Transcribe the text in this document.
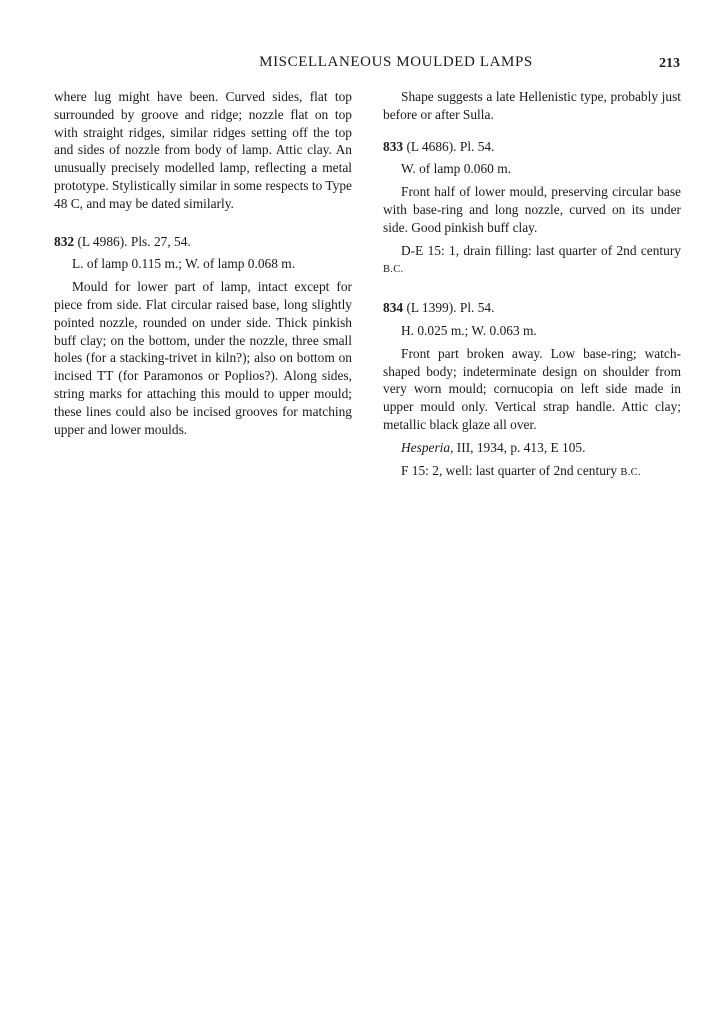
MISCELLANEOUS MOULDED LAMPS	213

where lug might have been. Curved sides, flat top surrounded by groove and ridge; nozzle flat on top with straight ridges, similar ridges setting off the top and sides of nozzle from body of lamp. Attic clay. An unusually precisely modelled lamp, reflecting a metal prototype. Stylistically similar in some respects to Type 48 C, and may be dated similarly.

832 (L 4986). Pls. 27, 54.

L. of lamp 0.115 m.; W. of lamp 0.068 m.

Mould for lower part of lamp, intact except for piece from side. Flat circular raised base, long slightly pointed nozzle, rounded on under side. Thick pinkish buff clay; on the bottom, under the nozzle, three small holes (for a stacking-trivet in kiln?); also on bottom on incised ΤΤ (for Paramonos or Poplios?). Along sides, string marks for attaching this mould to upper mould; these lines could also be incised grooves for matching upper and lower moulds.

Shape suggests a late Hellenistic type, probably just before or after Sulla.

833 (L 4686). Pl. 54.

W. of lamp 0.060 m.

Front half of lower mould, preserving circular base with base-ring and long nozzle, curved on its under side. Good pinkish buff clay.

D-E 15: 1, drain filling: last quarter of 2nd century B.C.

834 (L 1399). Pl. 54.

H. 0.025 m.; W. 0.063 m.

Front part broken away. Low base-ring; watch-shaped body; indeterminate design on shoulder from very worn mould; cornucopia on left side made in upper mould only. Vertical strap handle. Attic clay; metallic black glaze all over.

Hesperia, III, 1934, p. 413, E 105.

F 15: 2, well: last quarter of 2nd century B.C.
